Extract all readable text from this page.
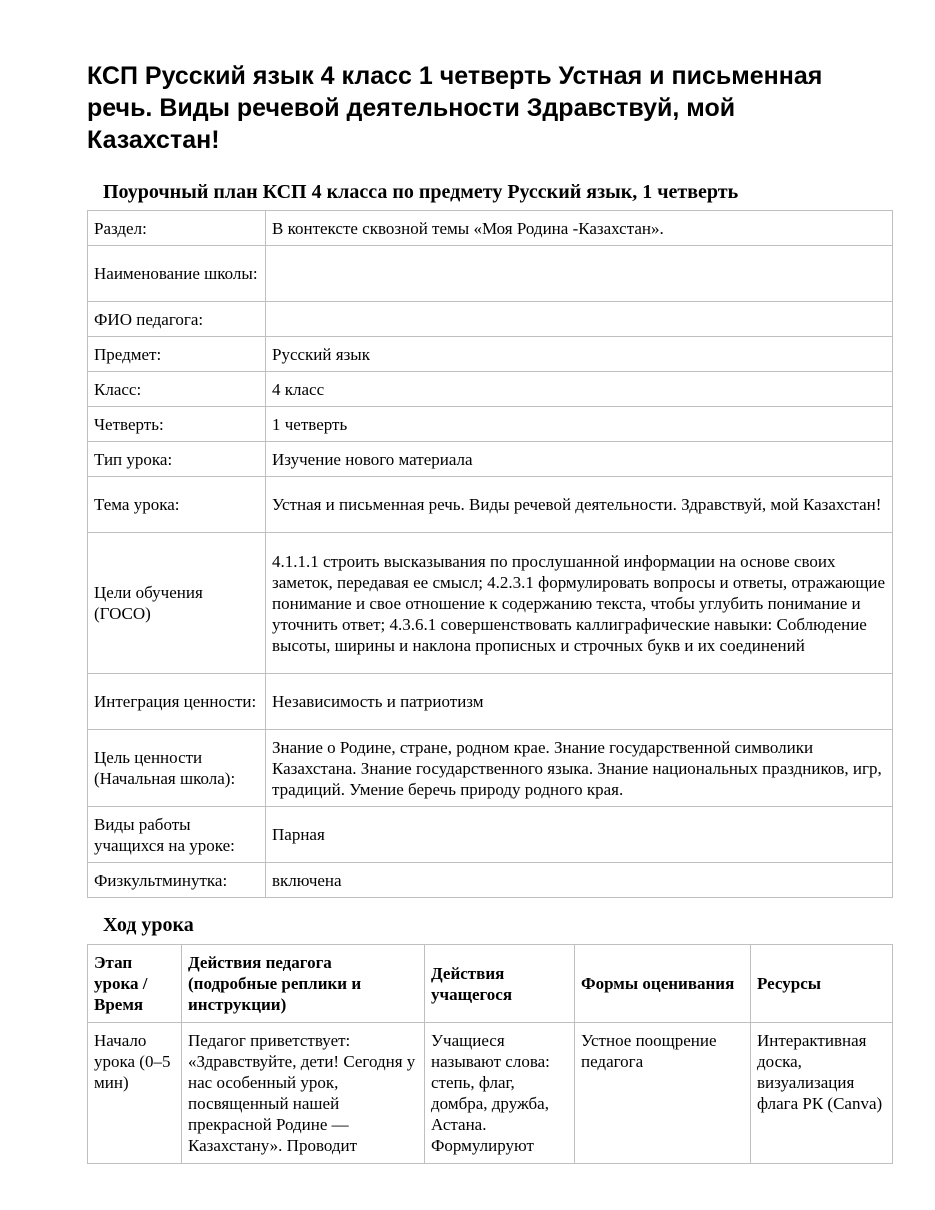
КСП Русский язык 4 класс 1 четверть Устная и письменная речь. Виды речевой деятельности Здравствуй, мой Казахстан!
Поурочный план КСП 4 класса по предмету Русский язык, 1 четверть
Раздел:	В контексте сквозной темы «Моя Родина -Казахстан».
Наименование школы:	
ФИО педагога:	
Предмет:	Русский язык
Класс:	4 класс
Четверть:	1 четверть
Тип урока:	Изучение нового материала
Тема урока:	Устная и письменная речь. Виды речевой деятельности. Здравствуй, мой Казахстан!
Цели обучения (ГОСО)	4.1.1.1 строить высказывания по прослушанной информации на основе своих заметок, передавая ее смысл; 4.2.3.1 формулировать вопросы и ответы, отражающие понимание и свое отношение к содержанию текста, чтобы углубить понимание и уточнить ответ; 4.3.6.1 совершенствовать каллиграфические навыки: Соблюдение высоты, ширины и наклона прописных и строчных букв и их соединений
Интеграция ценности:	Независимость и патриотизм
Цель ценности (Начальная школа):	Знание о Родине, стране, родном крае. Знание государственной символики Казахстана. Знание государственного языка. Знание национальных праздников, игр, традиций. Умение беречь природу родного края.
Виды работы учащихся на уроке:	Парная
Физкультминутка:	включена
Ход урока
Этап урока / Время	Действия педагога (подробные реплики и инструкции)	Действия учащегося	Формы оценивания	Ресурсы
Начало урока (0–5 мин)	Педагог приветствует: «Здравствуйте, дети! Сегодня у нас особенный урок, посвященный нашей прекрасной Родине — Казахстану». Проводит	Учащиеся называют слова: степь, флаг, домбра, дружба, Астана. Формулируют	Устное поощрение педагога	Интерактивная доска, визуализация флага РК (Canva)
